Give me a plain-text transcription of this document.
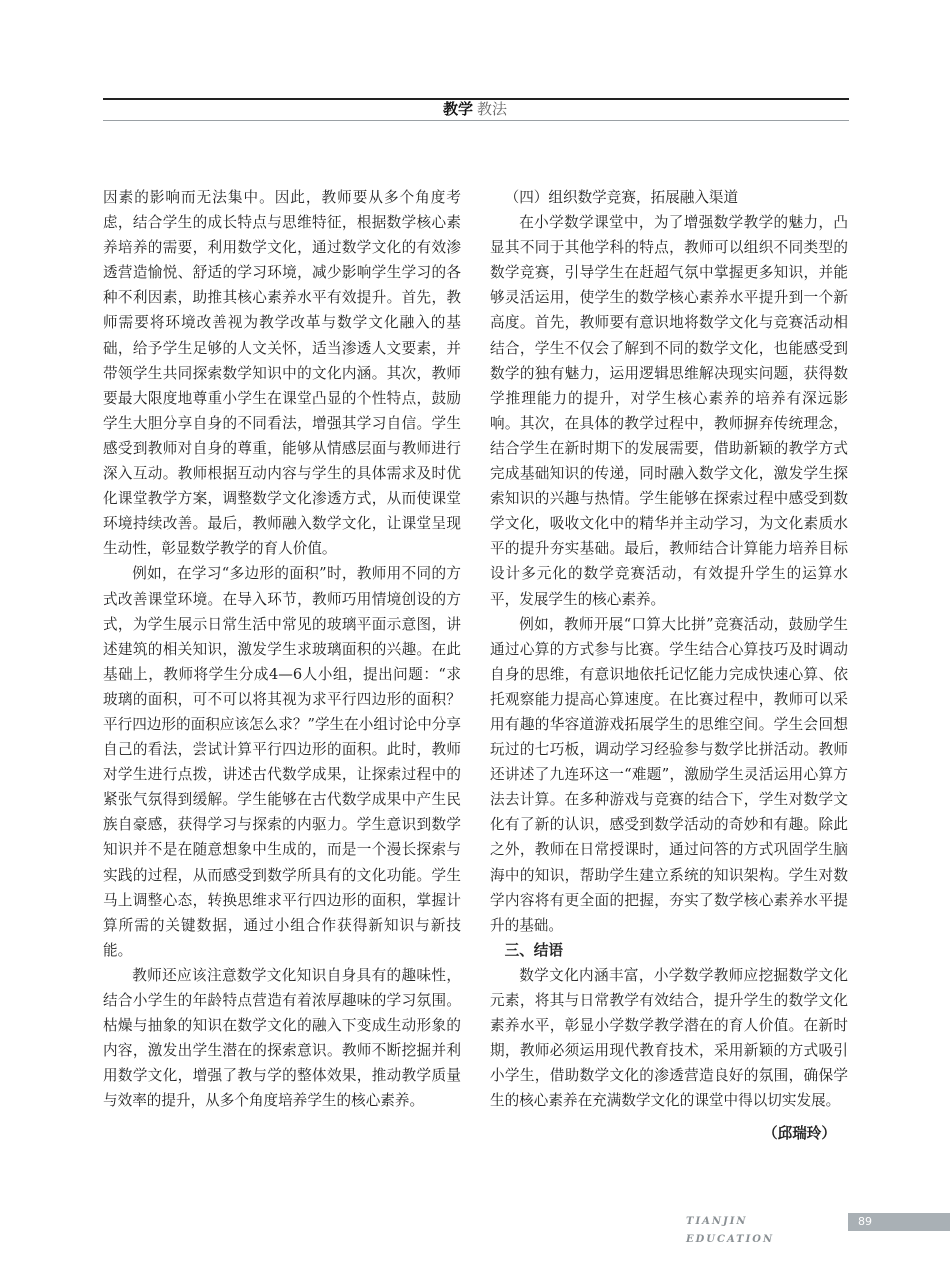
教学 教法

因素的影响而无法集中。因此，教师要从多个角度考虑，结合学生的成长特点与思维特征，根据数学核心素养培养的需要，利用数学文化，通过数学文化的有效渗透营造愉悦、舒适的学习环境，减少影响学生学习的各种不利因素，助推其核心素养水平有效提升。首先，教师需要将环境改善视为教学改革与数学文化融入的基础，给予学生足够的人文关怀，适当渗透人文要素，并带领学生共同探索数学知识中的文化内涵。其次，教师要最大限度地尊重小学生在课堂凸显的个性特点，鼓励学生大胆分享自身的不同看法，增强其学习自信。学生感受到教师对自身的尊重，能够从情感层面与教师进行深入互动。教师根据互动内容与学生的具体需求及时优化课堂教学方案，调整数学文化渗透方式，从而使课堂环境持续改善。最后，教师融入数学文化，让课堂呈现生动性，彰显数学教学的育人价值。

例如，在学习“多边形的面积”时，教师用不同的方式改善课堂环境。在导入环节，教师巧用情境创设的方式，为学生展示日常生活中常见的玻璃平面示意图，讲述建筑的相关知识，激发学生求玻璃面积的兴趣。在此基础上，教师将学生分成4—6人小组，提出问题：“求玻璃的面积，可不可以将其视为求平行四边形的面积？平行四边形的面积应该怎么求？”学生在小组讨论中分享自己的看法，尝试计算平行四边形的面积。此时，教师对学生进行点拨，讲述古代数学成果，让探索过程中的紧张气氛得到缓解。学生能够在古代数学成果中产生民族自豪感，获得学习与探索的内驱力。学生意识到数学知识并不是在随意想象中生成的，而是一个漫长探索与实践的过程，从而感受到数学所具有的文化功能。学生马上调整心态，转换思维求平行四边形的面积，掌握计算所需的关键数据，通过小组合作获得新知识与新技能。

教师还应该注意数学文化知识自身具有的趣味性，结合小学生的年龄特点营造有着浓厚趣味的学习氛围。枯燥与抽象的知识在数学文化的融入下变成生动形象的内容，激发出学生潜在的探索意识。教师不断挖掘并利用数学文化，增强了教与学的整体效果，推动教学质量与效率的提升，从多个角度培养学生的核心素养。

（四）组织数学竞赛，拓展融入渠道

在小学数学课堂中，为了增强数学教学的魅力，凸显其不同于其他学科的特点，教师可以组织不同类型的数学竞赛，引导学生在赶超气氛中掌握更多知识，并能够灵活运用，使学生的数学核心素养水平提升到一个新高度。首先，教师要有意识地将数学文化与竞赛活动相结合，学生不仅会了解到不同的数学文化，也能感受到数学的独有魅力，运用逻辑思维解决现实问题，获得数学推理能力的提升，对学生核心素养的培养有深远影响。其次，在具体的教学过程中，教师摒弃传统理念，结合学生在新时期下的发展需要，借助新颖的教学方式完成基础知识的传递，同时融入数学文化，激发学生探索知识的兴趣与热情。学生能够在探索过程中感受到数学文化，吸收文化中的精华并主动学习，为文化素质水平的提升夯实基础。最后，教师结合计算能力培养目标设计多元化的数学竞赛活动，有效提升学生的运算水平，发展学生的核心素养。

例如，教师开展“口算大比拼”竞赛活动，鼓励学生通过心算的方式参与比赛。学生结合心算技巧及时调动自身的思维，有意识地依托记忆能力完成快速心算、依托观察能力提高心算速度。在比赛过程中，教师可以采用有趣的华容道游戏拓展学生的思维空间。学生会回想玩过的七巧板，调动学习经验参与数学比拼活动。教师还讲述了九连环这一“难题”，激励学生灵活运用心算方法去计算。在多种游戏与竞赛的结合下，学生对数学文化有了新的认识，感受到数学活动的奇妙和有趣。除此之外，教师在日常授课时，通过问答的方式巩固学生脑海中的知识，帮助学生建立系统的知识架构。学生对数学内容将有更全面的把握，夯实了数学核心素养水平提升的基础。

三、结语

数学文化内涵丰富，小学数学教师应挖掘数学文化元素，将其与日常教学有效结合，提升学生的数学文化素养水平，彰显小学数学教学潜在的育人价值。在新时期，教师必须运用现代教育技术，采用新颖的方式吸引小学生，借助数学文化的渗透营造良好的氛围，确保学生的核心素养在充满数学文化的课堂中得以切实发展。

（邱瑞玲）
TIANJIN EDUCATION
89
